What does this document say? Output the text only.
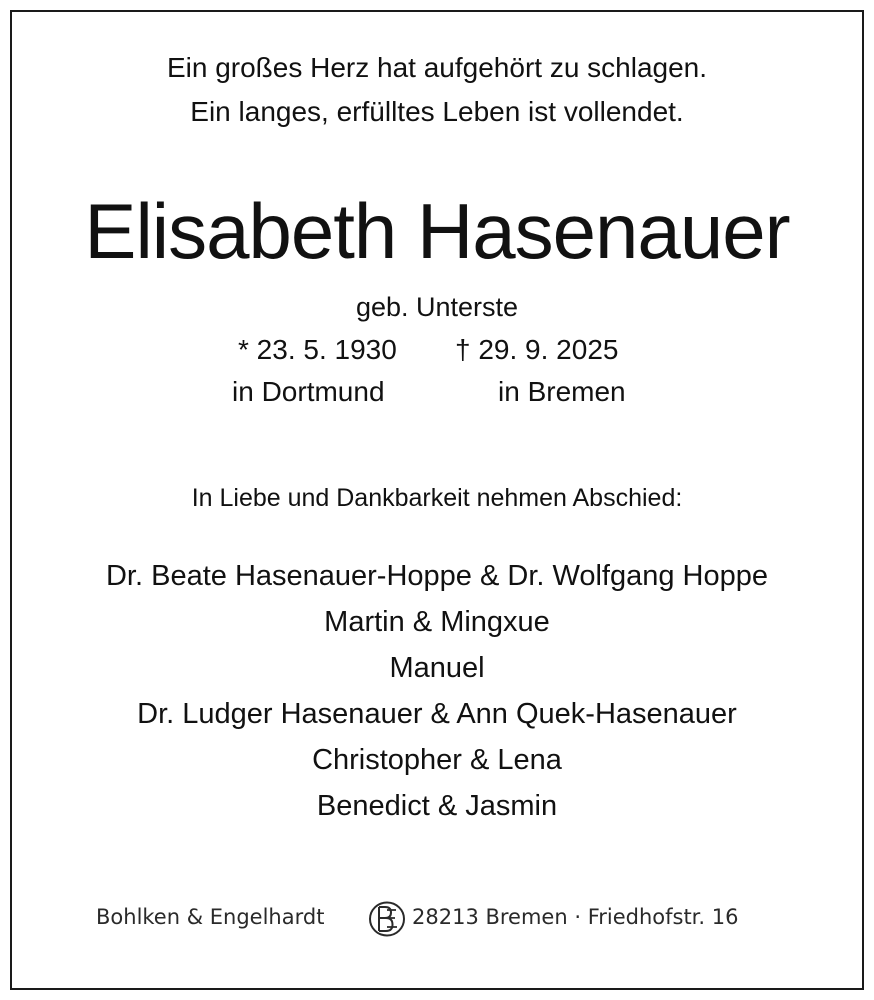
Ein großes Herz hat aufgehört zu schlagen.
Ein langes, erfülltes Leben ist vollendet.
Elisabeth Hasenauer
geb. Unterste
* 23. 5. 1930 † 29. 9. 2025
in Dortmund	in Bremen
In Liebe und Dankbarkeit nehmen Abschied:
Dr. Beate Hasenauer-Hoppe & Dr. Wolfgang Hoppe
Martin & Mingxue
Manuel
Dr. Ludger Hasenauer & Ann Quek-Hasenauer
Christopher & Lena
Benedict & Jasmin
Bohlken & Engelhardt	28213 Bremen · Friedhofstr. 16
